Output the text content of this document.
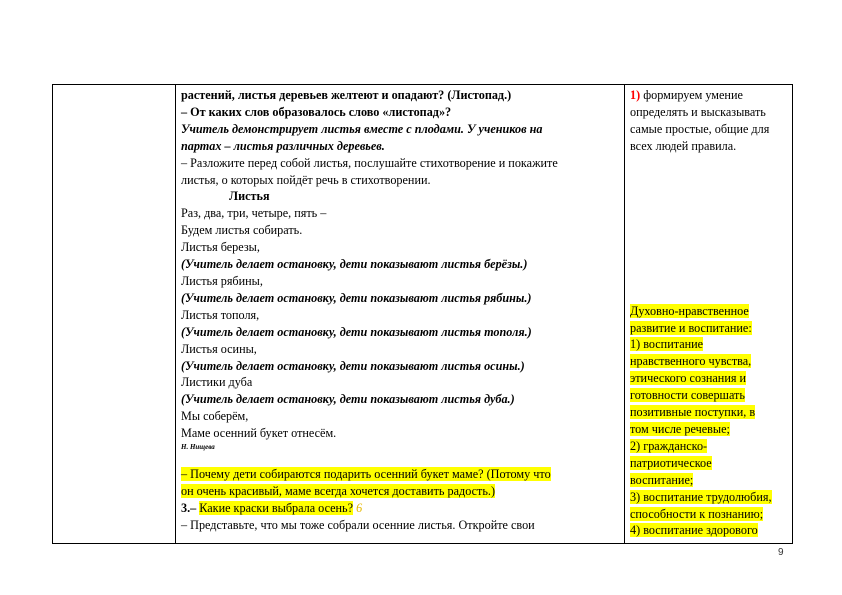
растений, листья деревьев желтеют и опадают? (Листопад.)
– От каких слов образовалось слово «листопад»?
Учитель демонстрирует листья вместе с плодами. У учеников на
партах – листья различных деревьев.
– Разложите перед собой листья, послушайте стихотворение и покажите
листья, о которых пойдёт речь в стихотворении.
Листья
Раз, два, три, четыре, пять –
Будем листья собирать.
Листья березы,
(Учитель делает остановку, дети показывают листья берёзы.)
Листья рябины,
(Учитель делает остановку, дети показывают листья рябины.)
Листья тополя,
(Учитель делает остановку, дети показывают листья тополя.)
Листья осины,
(Учитель делает остановку, дети показывают листья осины.)
Листики дуба
(Учитель делает остановку, дети показывают листья дуба.)
Мы соберём,
Маме осенний букет отнесём.
Н. Нищева
– Почему дети собираются подарить осенний букет маме? (Потому что
он очень красивый, маме всегда хочется доставить радость.)
3.– Какие краски выбрала осень? 6
– Представьте, что мы тоже собрали осенние листья. Откройте свои
1) формируем умение
определять и высказывать
самые простые, общие для
всех людей правила.
Духовно-нравственное
развитие и воспитание:
1) воспитание
нравственного чувства,
этического сознания и
готовности совершать
позитивные поступки, в
том числе речевые;
2) гражданско-
патриотическое
воспитание;
3) воспитание трудолюбия,
способности к познанию;
4) воспитание здорового
9
